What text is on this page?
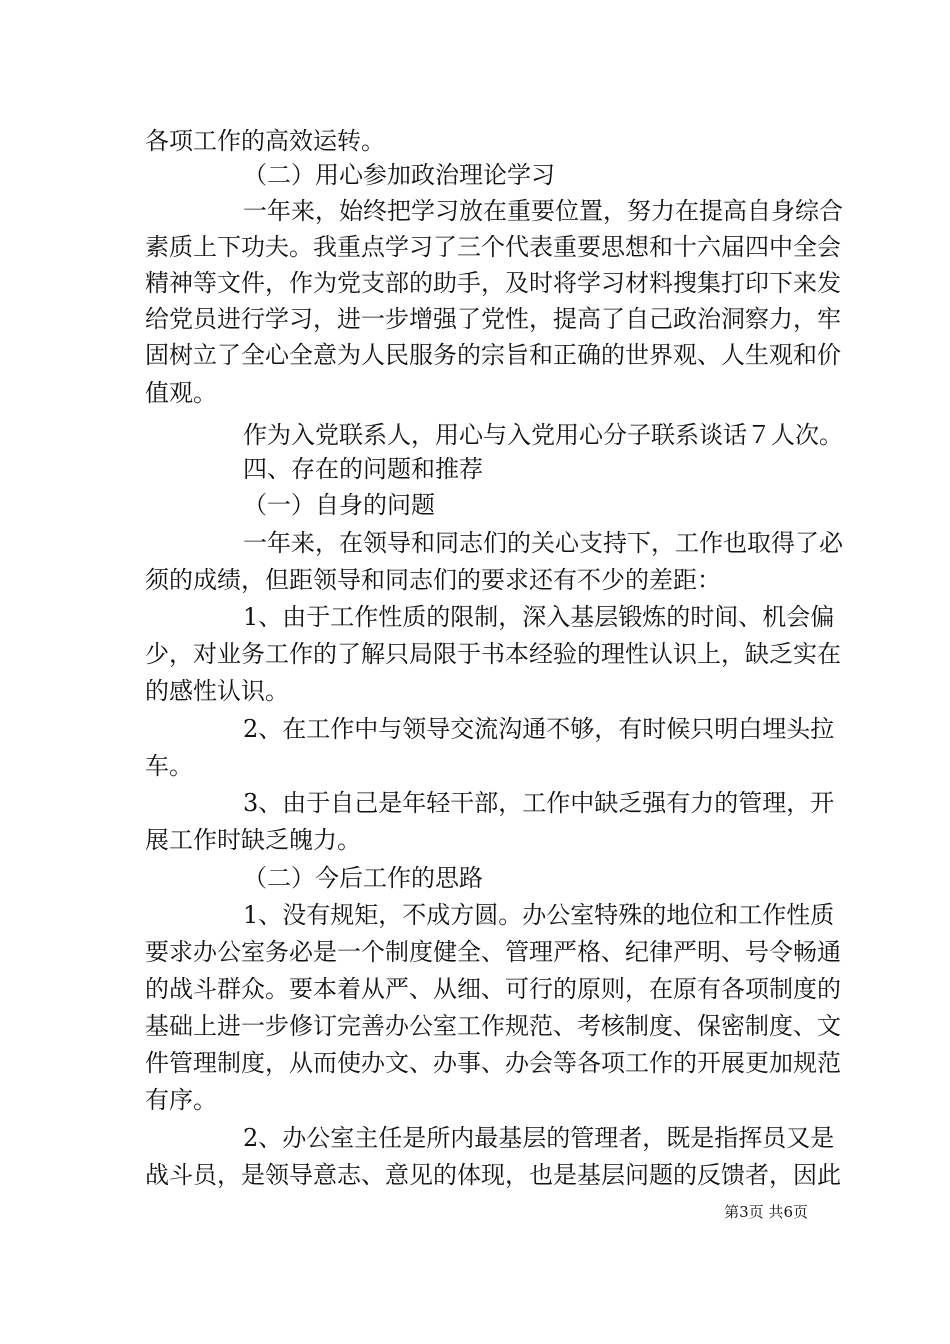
各项工作的高效运转。
（二）用心参加政治理论学习
一年来，始终把学习放在重要位置，努力在提高自身综合
素质上下功夫。我重点学习了三个代表重要思想和十六届四中全会
精神等文件，作为党支部的助手，及时将学习材料搜集打印下来发
给党员进行学习，进一步增强了党性，提高了自己政治洞察力，牢
固树立了全心全意为人民服务的宗旨和正确的世界观、人生观和价
值观。
作为入党联系人，用心与入党用心分子联系谈话７人次。
四、存在的问题和推荐
（一）自身的问题
一年来，在领导和同志们的关心支持下，工作也取得了必
须的成绩，但距领导和同志们的要求还有不少的差距：
1、由于工作性质的限制，深入基层锻炼的时间、机会偏
少，对业务工作的了解只局限于书本经验的理性认识上，缺乏实在
的感性认识。
2、在工作中与领导交流沟通不够，有时候只明白埋头拉
车。
3、由于自己是年轻干部，工作中缺乏强有力的管理，开
展工作时缺乏魄力。
（二）今后工作的思路
1、没有规矩，不成方圆。办公室特殊的地位和工作性质
要求办公室务必是一个制度健全、管理严格、纪律严明、号令畅通
的战斗群众。要本着从严、从细、可行的原则，在原有各项制度的
基础上进一步修订完善办公室工作规范、考核制度、保密制度、文
件管理制度，从而使办文、办事、办会等各项工作的开展更加规范
有序。
2、办公室主任是所内最基层的管理者，既是指挥员又是
战斗员，是领导意志、意见的体现，也是基层问题的反馈者，因此
第3页 共6页
